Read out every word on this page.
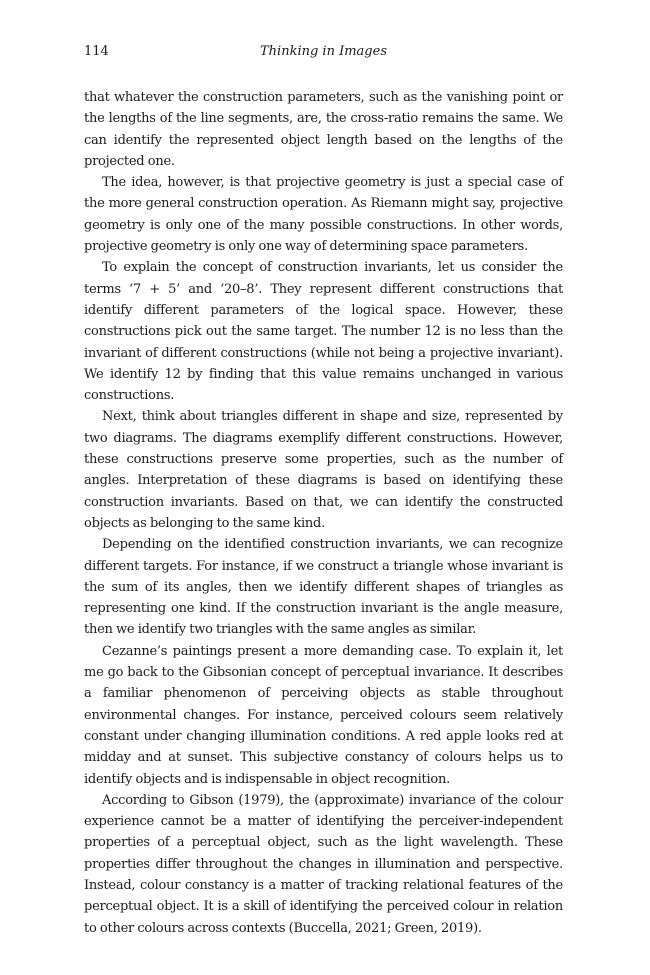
114	Thinking in Images

that whatever the construction parameters, such as the vanishing point or the lengths of the line segments, are, the cross-ratio remains the same. We can identify the represented object length based on the lengths of the projected one.

The idea, however, is that projective geometry is just a special case of the more general construction operation. As Riemann might say, projective geometry is only one of the many possible constructions. In other words, projective geometry is only one way of determining space parameters.

To explain the concept of construction invariants, let us consider the terms ‘7 + 5’ and ‘20–8’. They represent different constructions that identify different parameters of the logical space. However, these constructions pick out the same target. The number 12 is no less than the invariant of different constructions (while not being a projective invariant). We identify 12 by finding that this value remains unchanged in various constructions.

Next, think about triangles different in shape and size, represented by two diagrams. The diagrams exemplify different constructions. However, these constructions preserve some properties, such as the number of angles. Interpretation of these diagrams is based on identifying these construction invariants. Based on that, we can identify the constructed objects as belonging to the same kind.

Depending on the identified construction invariants, we can recognize different targets. For instance, if we construct a triangle whose invariant is the sum of its angles, then we identify different shapes of triangles as representing one kind. If the construction invariant is the angle measure, then we identify two triangles with the same angles as similar.

Cezanne’s paintings present a more demanding case. To explain it, let me go back to the Gibsonian concept of perceptual invariance. It describes a familiar phenomenon of perceiving objects as stable throughout environmental changes. For instance, perceived colours seem relatively constant under changing illumination conditions. A red apple looks red at midday and at sunset. This subjective constancy of colours helps us to identify objects and is indispensable in object recognition.

According to Gibson (1979), the (approximate) invariance of the colour experience cannot be a matter of identifying the perceiver-independent properties of a perceptual object, such as the light wavelength. These properties differ throughout the changes in illumination and perspective. Instead, colour constancy is a matter of tracking relational features of the perceptual object. It is a skill of identifying the perceived colour in relation to other colours across contexts (Buccella, 2021; Green, 2019).
